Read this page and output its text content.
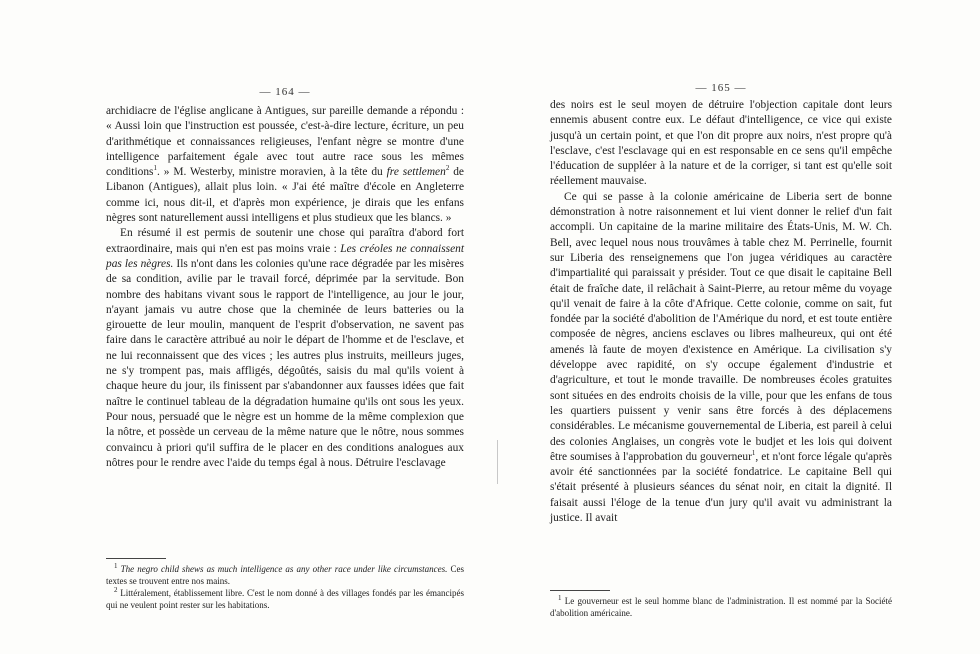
— 164 —

archidiacre de l'église anglicane à Antigues, sur pareille demande a répondu : « Aussi loin que l'instruction est poussée, c'est-à-dire lecture, écriture, un peu d'arithmétique et connaissances religieuses, l'enfant nègre se montre d'une intelligence parfaitement égale avec tout autre race sous les mêmes conditions$^1$. » M. Westerby, ministre moravien, à la tête du fre settlemen$^2$ de Libanon (Antigues), allait plus loin. « J'ai été maître d'école en Angleterre comme ici, nous dit-il, et d'après mon expérience, je dirais que les enfans nègres sont naturellement aussi intelligens et plus studieux que les blancs. »

En résumé il est permis de soutenir une chose qui paraîtra d'abord fort extraordinaire, mais qui n'en est pas moins vraie : Les créoles ne connaissent pas les nègres. Ils n'ont dans les colonies qu'une race dégradée par les misères de sa condition, avilie par le travail forcé, déprimée par la servitude. Bon nombre des habitans vivant sous le rapport de l'intelligence, au jour le jour, n'ayant jamais vu autre chose que la cheminée de leurs batteries ou la girouette de leur moulin, manquent de l'esprit d'observation, ne savent pas faire dans le caractère attribué au noir le départ de l'homme et de l'esclave, et ne lui reconnaissent que des vices ; les autres plus instruits, meilleurs juges, ne s'y trompent pas, mais affligés, dégoûtés, saisis du mal qu'ils voient à chaque heure du jour, ils finissent par s'abandonner aux fausses idées que fait naître le continuel tableau de la dégradation humaine qu'ils ont sous les yeux. Pour nous, persuadé que le nègre est un homme de la même complexion que la nôtre, et possède un cerveau de la même nature que le nôtre, nous sommes convaincu à priori qu'il suffira de le placer en des conditions analogues aux nôtres pour le rendre avec l'aide du temps égal à nous. Détruire l'esclavage

$^1$ The negro child shews as much intelligence as any other race under like circumstances. Ces textes se trouvent entre nos mains.

$^2$ Littéralement, établissement libre. C'est le nom donné à des villages fondés par les émancipés qui ne veulent point rester sur les habitations.

— 165 —

des noirs est le seul moyen de détruire l'objection capitale dont leurs ennemis abusent contre eux. Le défaut d'intelligence, ce vice qui existe jusqu'à un certain point, et que l'on dit propre aux noirs, n'est propre qu'à l'esclave, c'est l'esclavage qui en est responsable en ce sens qu'il empêche l'éducation de suppléer à la nature et de la corriger, si tant est qu'elle soit réellement mauvaise.

Ce qui se passe à la colonie américaine de Liberia sert de bonne démonstration à notre raisonnement et lui vient donner le relief d'un fait accompli. Un capitaine de la marine militaire des États-Unis, M. W. Ch. Bell, avec lequel nous nous trouvâmes à table chez M. Perrinelle, fournit sur Liberia des renseignemens que l'on jugea véridiques au caractère d'impartialité qui paraissait y présider. Tout ce que disait le capitaine Bell était de fraîche date, il relâchait à Saint-Pierre, au retour même du voyage qu'il venait de faire à la côte d'Afrique. Cette colonie, comme on sait, fut fondée par la société d'abolition de l'Amérique du nord, et est toute entière composée de nègres, anciens esclaves ou libres malheureux, qui ont été amenés là faute de moyen d'existence en Amérique. La civilisation s'y développe avec rapidité, on s'y occupe également d'industrie et d'agriculture, et tout le monde travaille. De nombreuses écoles gratuites sont situées en des endroits choisis de la ville, pour que les enfans de tous les quartiers puissent y venir sans être forcés à des déplacemens considérables. Le mécanisme gouvernemental de Liberia, est pareil à celui des colonies Anglaises, un congrès vote le budjet et les lois qui doivent être soumises à l'approbation du gouverneur$^1$, et n'ont force légale qu'après avoir été sanctionnées par la société fondatrice. Le capitaine Bell qui s'était présenté à plusieurs séances du sénat noir, en citait la dignité. Il faisait aussi l'éloge de la tenue d'un jury qu'il avait vu administrant la justice. Il avait

$^1$ Le gouverneur est le seul homme blanc de l'administration. Il est nommé par la Société d'abolition américaine.
